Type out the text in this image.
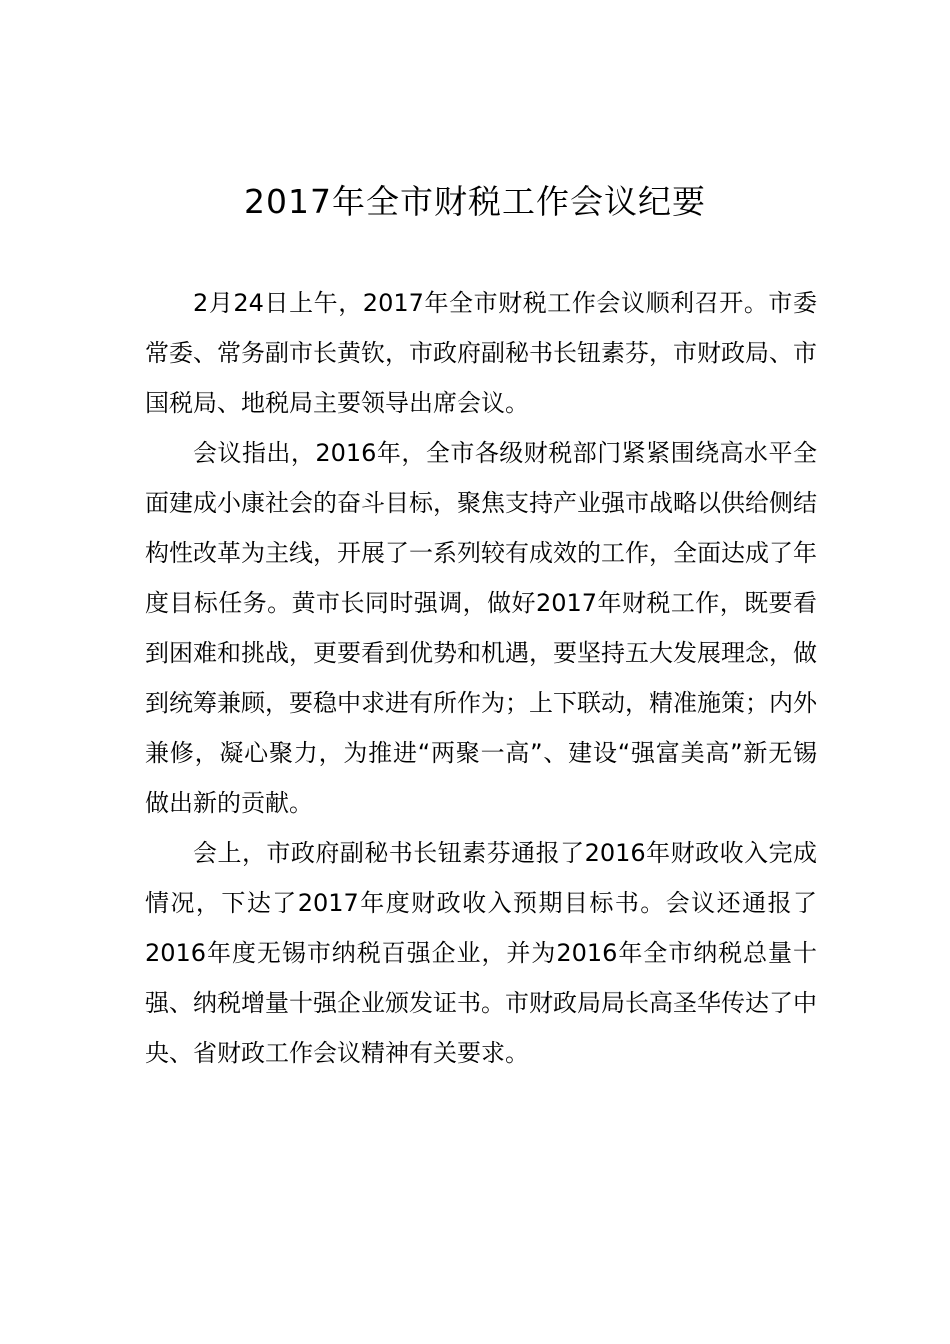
2017年全市财税工作会议纪要

2月24日上午，2017年全市财税工作会议顺利召开。市委常委、常务副市长黄钦，市政府副秘书长钮素芬，市财政局、市国税局、地税局主要领导出席会议。

会议指出，2016年，全市各级财税部门紧紧围绕高水平全面建成小康社会的奋斗目标，聚焦支持产业强市战略以供给侧结构性改革为主线，开展了一系列较有成效的工作，全面达成了年度目标任务。黄市长同时强调，做好2017年财税工作，既要看到困难和挑战，更要看到优势和机遇，要坚持五大发展理念，做到统筹兼顾，要稳中求进有所作为；上下联动，精准施策；内外兼修，凝心聚力，为推进“两聚一高”、建设“强富美高”新无锡做出新的贡献。

会上，市政府副秘书长钮素芬通报了2016年财政收入完成情况，下达了2017年度财政收入预期目标书。会议还通报了2016年度无锡市纳税百强企业，并为2016年全市纳税总量十强、纳税增量十强企业颁发证书。市财政局局长高圣华传达了中央、省财政工作会议精神有关要求。
